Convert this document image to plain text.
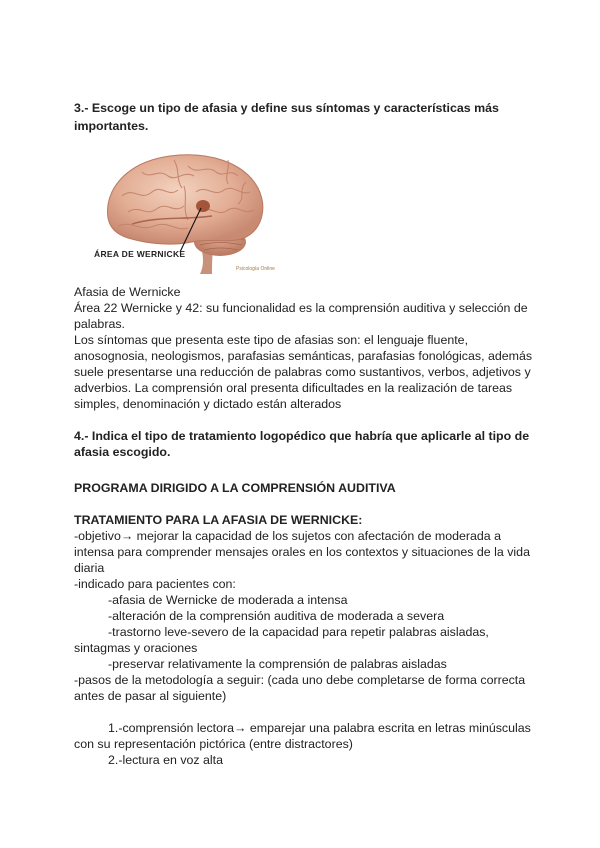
3.- Escoge un tipo de afasia y define sus síntomas y características más
importantes.
ÁREA DE WERNICKE
Psicología Online
Afasia de Wernicke
Área 22 Wernicke y 42: su funcionalidad es la comprensión auditiva y selección de
palabras.
Los síntomas que presenta este tipo de afasias son: el lenguaje fluente,
anosognosia, neologismos, parafasias semánticas, parafasias fonológicas, además
suele presentarse una reducción de palabras como sustantivos, verbos, adjetivos y
adverbios. La comprensión oral presenta dificultades en la realización de tareas
simples, denominación y dictado están alterados
4.- Indica el tipo de tratamiento logopédico que habría que aplicarle al tipo de
afasia escogido.
PROGRAMA DIRIGIDO A LA COMPRENSIÓN AUDITIVA
TRATAMIENTO PARA LA AFASIA DE WERNICKE:
-objetivo→ mejorar la capacidad de los sujetos con afectación de moderada a
intensa para comprender mensajes orales en los contextos y situaciones de la vida
diaria
-indicado para pacientes con:
-afasia de Wernicke de moderada a intensa
-alteración de la comprensión auditiva de moderada a severa
-trastorno leve-severo de la capacidad para repetir palabras aisladas,
sintagmas y oraciones
-preservar relativamente la comprensión de palabras aisladas
-pasos de la metodología a seguir: (cada uno debe completarse de forma correcta
antes de pasar al siguiente)
1.-comprensión lectora→ emparejar una palabra escrita en letras minúsculas
con su representación pictórica (entre distractores)
2.-lectura en voz alta
